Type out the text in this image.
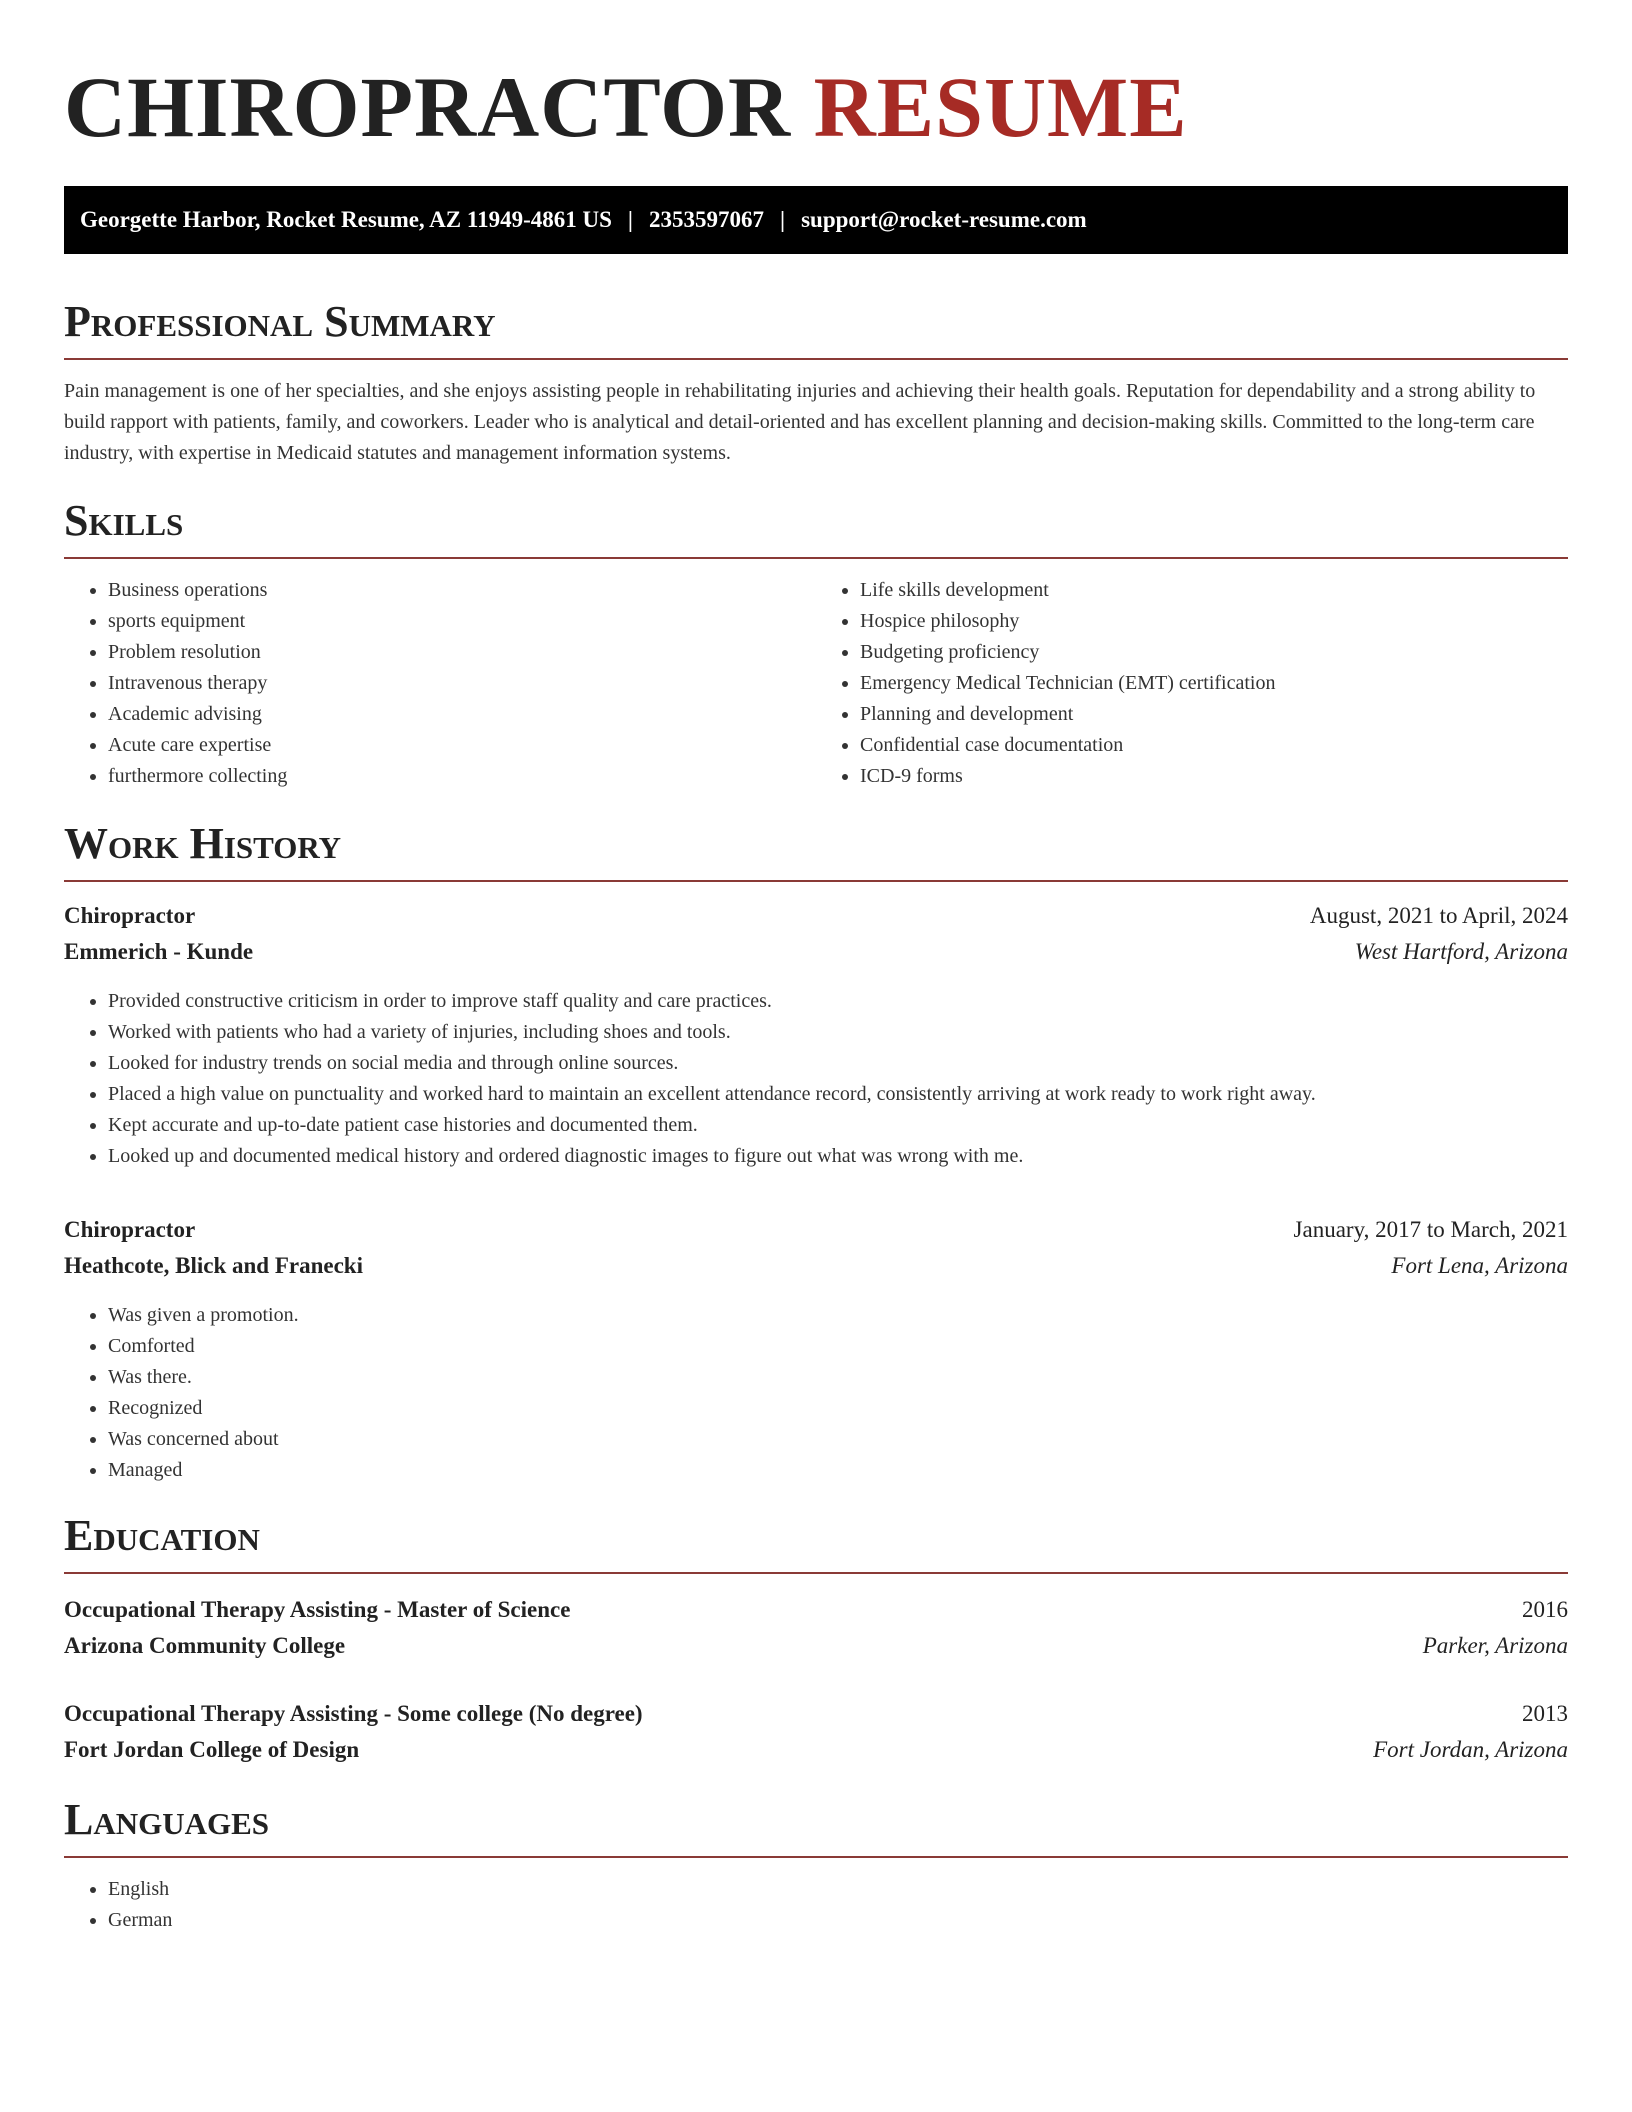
CHIROPRACTOR RESUME
Georgette Harbor, Rocket Resume, AZ 11949-4861 US | 2353597067 | support@rocket-resume.com
Professional Summary

Pain management is one of her specialties, and she enjoys assisting people in rehabilitating injuries and achieving their health goals. Reputation for dependability and a strong ability to build rapport with patients, family, and coworkers. Leader who is analytical and detail-oriented and has excellent planning and decision-making skills. Committed to the long-term care industry, with expertise in Medicaid statutes and management information systems.

Skills
• Business operations
• sports equipment
• Problem resolution
• Intravenous therapy
• Academic advising
• Acute care expertise
• furthermore collecting
• Life skills development
• Hospice philosophy
• Budgeting proficiency
• Emergency Medical Technician (EMT) certification
• Planning and development
• Confidential case documentation
• ICD-9 forms
Work History
Chiropractor	August, 2021 to April, 2024
Emmerich - Kunde	West Hartford, Arizona
• Provided constructive criticism in order to improve staff quality and care practices.
• Worked with patients who had a variety of injuries, including shoes and tools.
• Looked for industry trends on social media and through online sources.
• Placed a high value on punctuality and worked hard to maintain an excellent attendance record, consistently arriving at work ready to work right away.
• Kept accurate and up-to-date patient case histories and documented them.
• Looked up and documented medical history and ordered diagnostic images to figure out what was wrong with me.
Chiropractor	January, 2017 to March, 2021
Heathcote, Blick and Franecki	Fort Lena, Arizona
• Was given a promotion.
• Comforted
• Was there.
• Recognized
• Was concerned about
• Managed
Education
Occupational Therapy Assisting - Master of Science	2016
Arizona Community College	Parker, Arizona
Occupational Therapy Assisting - Some college (No degree)	2013
Fort Jordan College of Design	Fort Jordan, Arizona
Languages
• English
• German
